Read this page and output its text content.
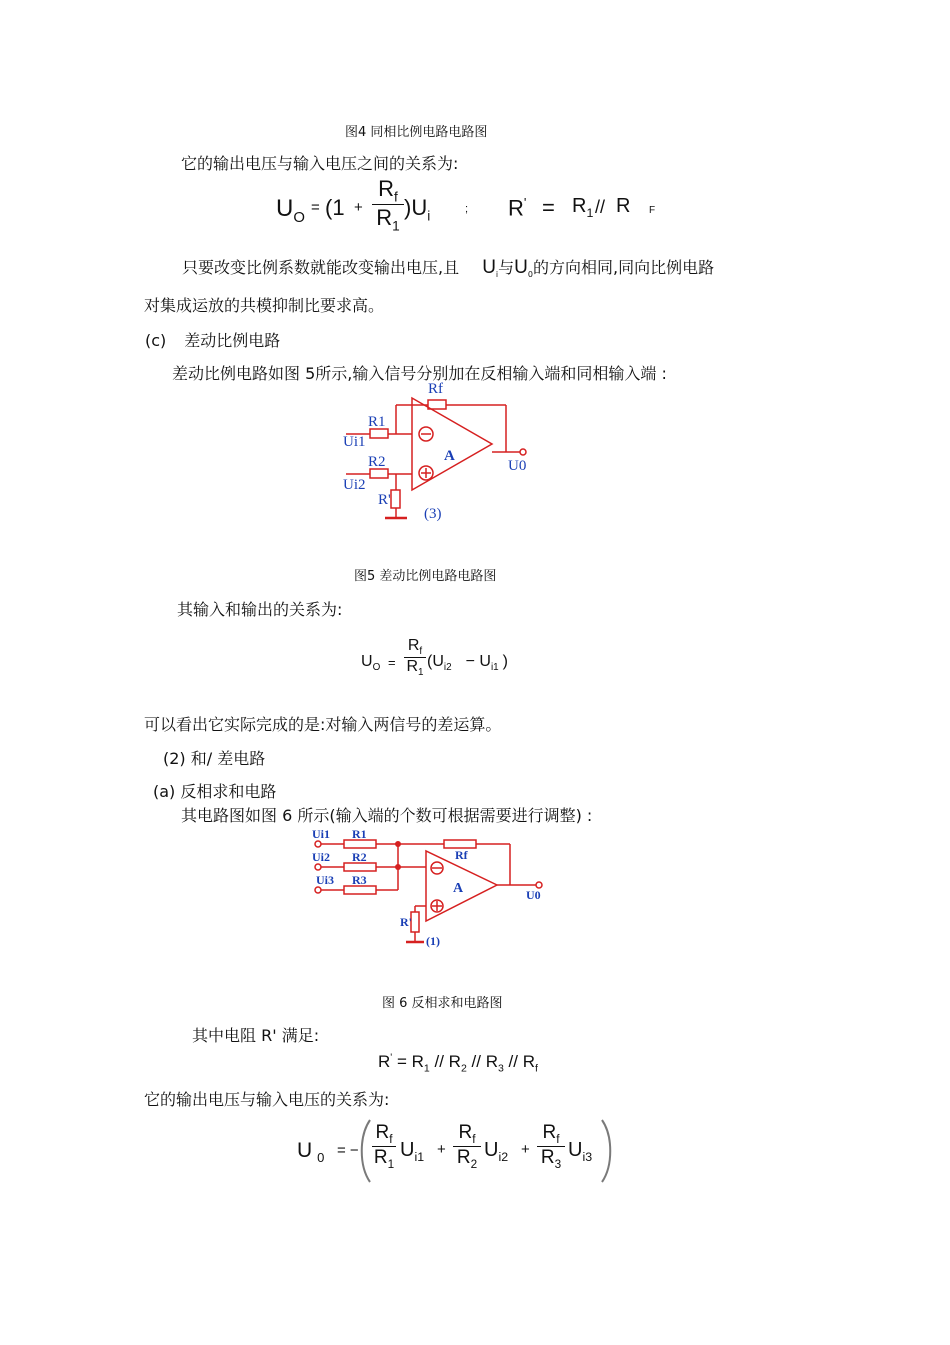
图4 同相比例电路电路图
它的输出电压与输入电压之间的关系为:
$U_O$
= (1 +
$R_f$
$R_1$
)$U_i$	; $R' = R_1 // R$ F
只要改变比例系数就能改变输出电压,且 $U_i$与$U_0$的方向相同,同向比例电路
对集成运放的共模抑制比要求高。
(c) 差动比例电路
差动比例电路如图 5所示,输入信号分别加在反相输入端和同相输入端 :
Rf
R1
R2
R'
Ui1
Ui2
A
U0
(3)
图5 差动比例电路电路图
其输入和输出的关系为:
$U_O$ =
$R_f$
$R_1$
($U_{i2} - U_{i1}$ )
可以看出它实际完成的是:对输入两信号的差运算。
(2) 和/ 差电路
(a) 反相求和电路
其电路图如图 6 所示(输入端的个数可根据需要进行调整) :
Ui1
Ui2
Ui3
R1
R2
R3
Rf
R'
A	U0
(1)
图 6 反相求和电路图
其中电阻 R' 满足:
$R' = R_1 // R_2 // R_3 // R_f$
它的输出电压与输入电压的关系为:
U $_0$ = −
$R_f$
$R_1$
$U_{i1}$ +
$R_f$
$R_2$
$U_{i2}$ +
$R_f$
$R_3$
$U_{i3}$
